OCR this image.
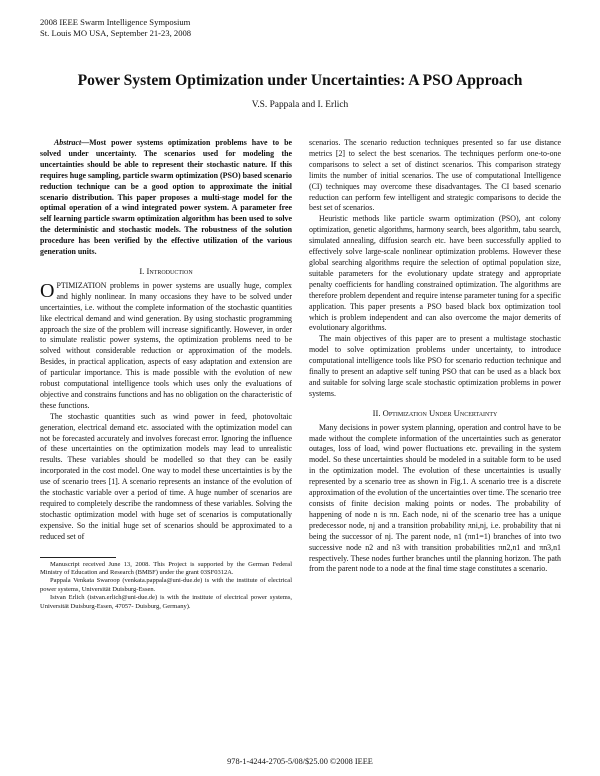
2008 IEEE Swarm Intelligence Symposium
St. Louis MO USA, September 21-23, 2008
Power System Optimization under Uncertainties: A PSO Approach
V.S. Pappala and I. Erlich

Abstract—Most power systems optimization problems have to be solved under uncertainty. The scenarios used for modeling the uncertainties should be able to represent their stochastic nature. If this requires huge sampling, particle swarm optimization (PSO) based scenario reduction technique can be a good option to approximate the initial scenario distribution. This paper proposes a multi-stage model for the optimal operation of a wind integrated power system. A parameter free self learning particle swarm optimization algorithm has been used to solve the deterministic and stochastic models. The robustness of the solution procedure has been verified by the effective utilization of the various generation units.

I. Introduction

OPTIMIZATION problems in power systems are usually huge, complex and highly nonlinear. In many occasions they have to be solved under uncertainties, i.e. without the complete information of the stochastic quantities like electrical demand and wind generation. By using stochastic programming approach the size of the problem will increase significantly. However, in order to simulate realistic power systems, the optimization problems need to be solved without considerable reduction or approximation of the models. Besides, in practical application, aspects of easy adaptation and extension are of particular importance. This is made possible with the evolution of new robust computational intelligence tools which uses only the evaluations of objective and constrains functions and has no obligation on the characteristic of these functions.

The stochastic quantities such as wind power in feed, photovoltaic generation, electrical demand etc. associated with the optimization model can not be forecasted accurately and involves forecast error. Ignoring the influence of these uncertainties on the optimization models may lead to unrealistic results. These variables should be modelled so that they can be easily incorporated in the cost model. One way to model these uncertainties is by the use of scenario trees [1]. A scenario represents an instance of the evolution of the stochastic variable over a period of time. A huge number of scenarios are required to completely describe the randomness of these variables. Solving the stochastic optimization model with huge set of scenarios is computationally expensive. So the initial huge set of scenarios should be approximated to a reduced set of

Manuscript received June 13, 2008. This Project is supported by the German Federal Ministry of Education and Research (BMBF) under the grant 03SF0312A.

Pappala Venkata Swaroop (venkata.pappala@uni-due.de) is with the institute of electrical power systems, Universität Duisburg-Essen.

Istvan Erlich (istvan.erlich@uni-due.de) is with the institute of electrical power systems, Universität Duisburg-Essen, 47057- Duisburg, Germany).

scenarios. The scenario reduction techniques presented so far use distance metrics [2] to select the best scenarios. The techniques perform one-to-one comparisons to select a set of distinct scenarios. This comparison strategy limits the number of initial scenarios. The use of computational Intelligence (CI) techniques may overcome these disadvantages. The CI based scenario reduction can perform few intelligent and strategic comparisons to decide the best set of scenarios.

Heuristic methods like particle swarm optimization (PSO), ant colony optimization, genetic algorithms, harmony search, bees algorithm, tabu search, simulated annealing, diffusion search etc. have been successfully applied to effectively solve large-scale nonlinear optimization problems. However these global searching algorithms require the selection of optimal population size, suitable parameters for the evolutionary update strategy and appropriate penalty coefficients for handling constrained optimization. The algorithms are therefore problem dependent and require intense parameter tuning for a specific application. This paper presents a PSO based black box optimization tool which is problem independent and can also overcome the major demerits of evolutionary algorithms.

The main objectives of this paper are to present a multistage stochastic model to solve optimization problems under uncertainty, to introduce computational intelligence tools like PSO for scenario reduction technique and finally to present an adaptive self tuning PSO that can be used as a black box and suitable for solving large scale stochastic optimization problems in power systems.

II. Optimization Under Uncertainty

Many decisions in power system planning, operation and control have to be made without the complete information of the uncertainties such as generator outages, loss of load, wind power fluctuations etc. prevailing in the system model. So these uncertainties should be modeled in a suitable form to be used in the optimization model. The evolution of these uncertainties is usually represented by a scenario tree as shown in Fig.1. A scenario tree is a discrete approximation of the evolution of the uncertainties over time. The scenario tree consists of finite decision making points or nodes. The probability of happening of node n is πn. Each node, ni of the scenario tree has a unique predecessor node, nj and a transition probability πni,nj, i.e. probability that ni being the successor of nj. The parent node, n1 (πn1=1) branches of into two successive node n2 and n3 with transition probabilities πn2,n1 and πn3,n1 respectively. These nodes further branches until the planning horizon. The path from the parent node to a node at the final time stage constitutes a scenario.

978-1-4244-2705-5/08/$25.00 ©2008 IEEE
